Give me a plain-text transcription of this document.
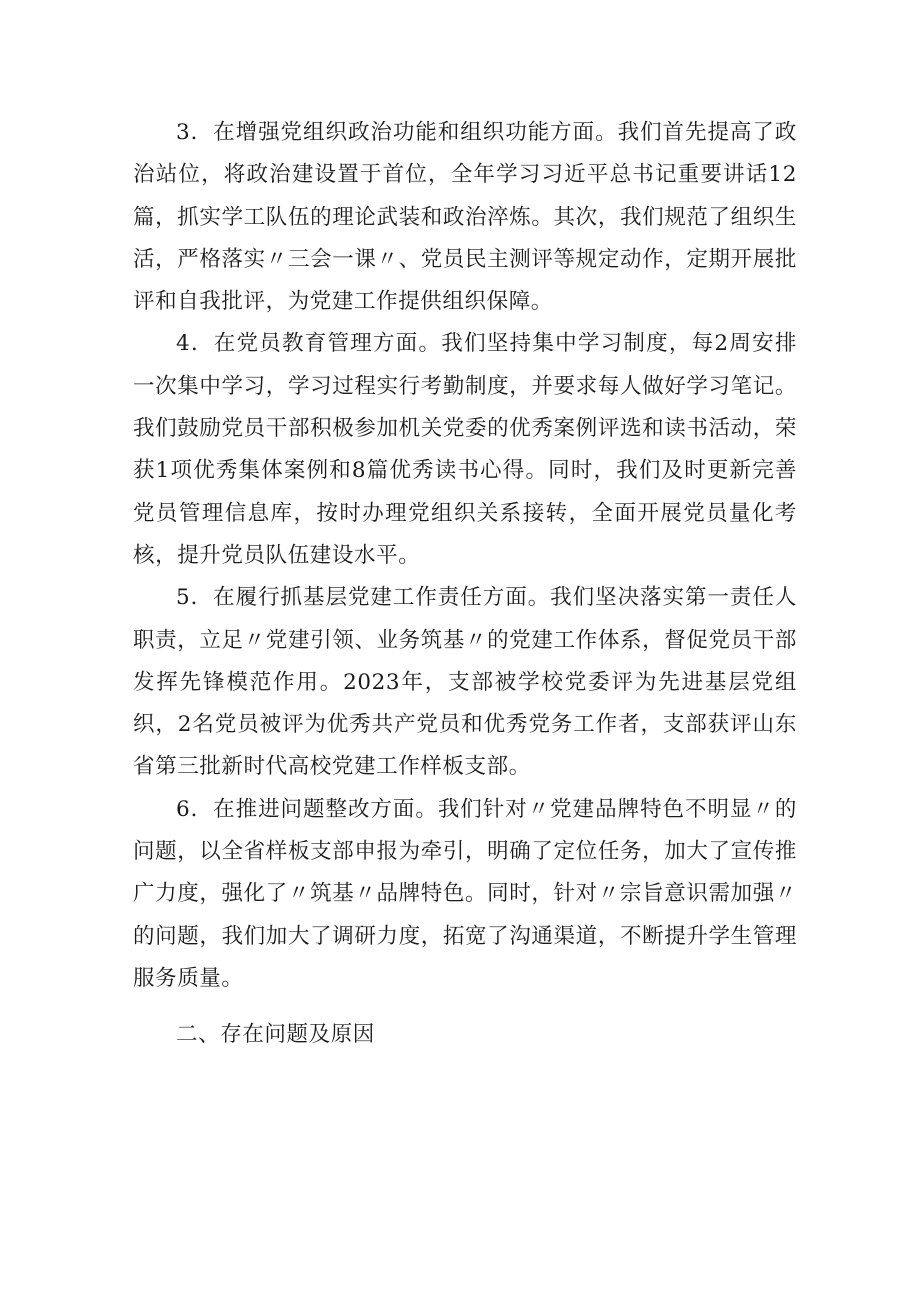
3．在增强党组织政治功能和组织功能方面。我们首先提高了政治站位，将政治建设置于首位，全年学习习近平总书记重要讲话12篇，抓实学工队伍的理论武装和政治淬炼。其次，我们规范了组织生活，严格落实〃三会一课〃、党员民主测评等规定动作，定期开展批评和自我批评，为党建工作提供组织保障。

4．在党员教育管理方面。我们坚持集中学习制度，每2周安排一次集中学习，学习过程实行考勤制度，并要求每人做好学习笔记。我们鼓励党员干部积极参加机关党委的优秀案例评选和读书活动，荣获1项优秀集体案例和8篇优秀读书心得。同时，我们及时更新完善党员管理信息库，按时办理党组织关系接转，全面开展党员量化考核，提升党员队伍建设水平。

5．在履行抓基层党建工作责任方面。我们坚决落实第一责任人职责，立足〃党建引领、业务筑基〃的党建工作体系，督促党员干部发挥先锋模范作用。2023年，支部被学校党委评为先进基层党组织，2名党员被评为优秀共产党员和优秀党务工作者，支部获评山东省第三批新时代高校党建工作样板支部。

6．在推进问题整改方面。我们针对〃党建品牌特色不明显〃的问题，以全省样板支部申报为牵引，明确了定位任务，加大了宣传推广力度，强化了〃筑基〃品牌特色。同时，针对〃宗旨意识需加强〃的问题，我们加大了调研力度，拓宽了沟通渠道，不断提升学生管理服务质量。

二、存在问题及原因
